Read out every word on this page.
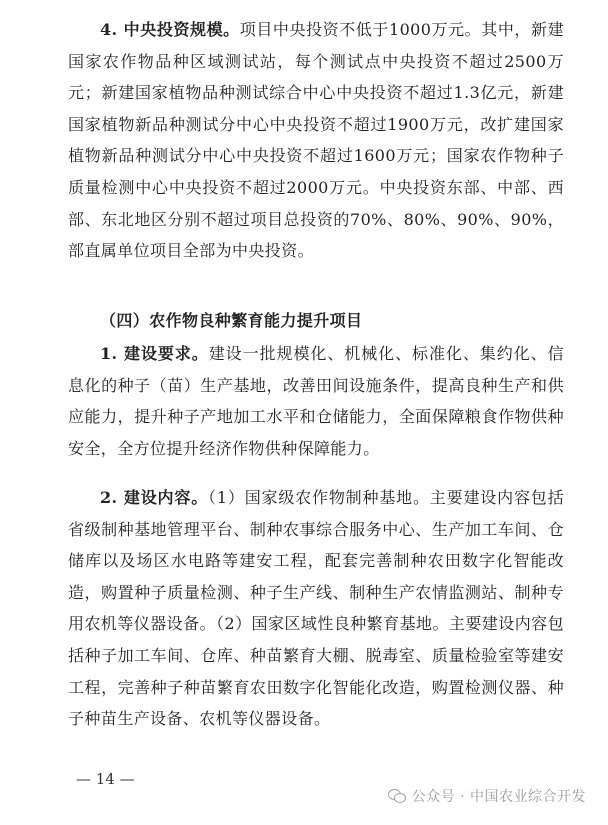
4. 中央投资规模。项目中央投资不低于1000万元。其中，新建国家农作物品种区域测试站，每个测试点中央投资不超过2500万元；新建国家植物品种测试综合中心中央投资不超过1.3亿元，新建国家植物新品种测试分中心中央投资不超过1900万元，改扩建国家植物新品种测试分中心中央投资不超过1600万元；国家农作物种子质量检测中心中央投资不超过2000万元。中央投资东部、中部、西部、东北地区分别不超过项目总投资的70%、80%、90%、90%，部直属单位项目全部为中央投资。

（四）农作物良种繁育能力提升项目

1. 建设要求。建设一批规模化、机械化、标准化、集约化、信息化的种子（苗）生产基地，改善田间设施条件，提高良种生产和供应能力，提升种子产地加工水平和仓储能力，全面保障粮食作物供种安全，全方位提升经济作物供种保障能力。

2. 建设内容。（1）国家级农作物制种基地。主要建设内容包括省级制种基地管理平台、制种农事综合服务中心、生产加工车间、仓储库以及场区水电路等建安工程，配套完善制种农田数字化智能改造，购置种子质量检测、种子生产线、制种生产农情监测站、制种专用农机等仪器设备。（2）国家区域性良种繁育基地。主要建设内容包括种子加工车间、仓库、种苗繁育大棚、脱毒室、质量检验室等建安工程，完善种子种苗繁育农田数字化智能化改造，购置检测仪器、种子种苗生产设备、农机等仪器设备。

— 14 —
公众号 · 中国农业综合开发
